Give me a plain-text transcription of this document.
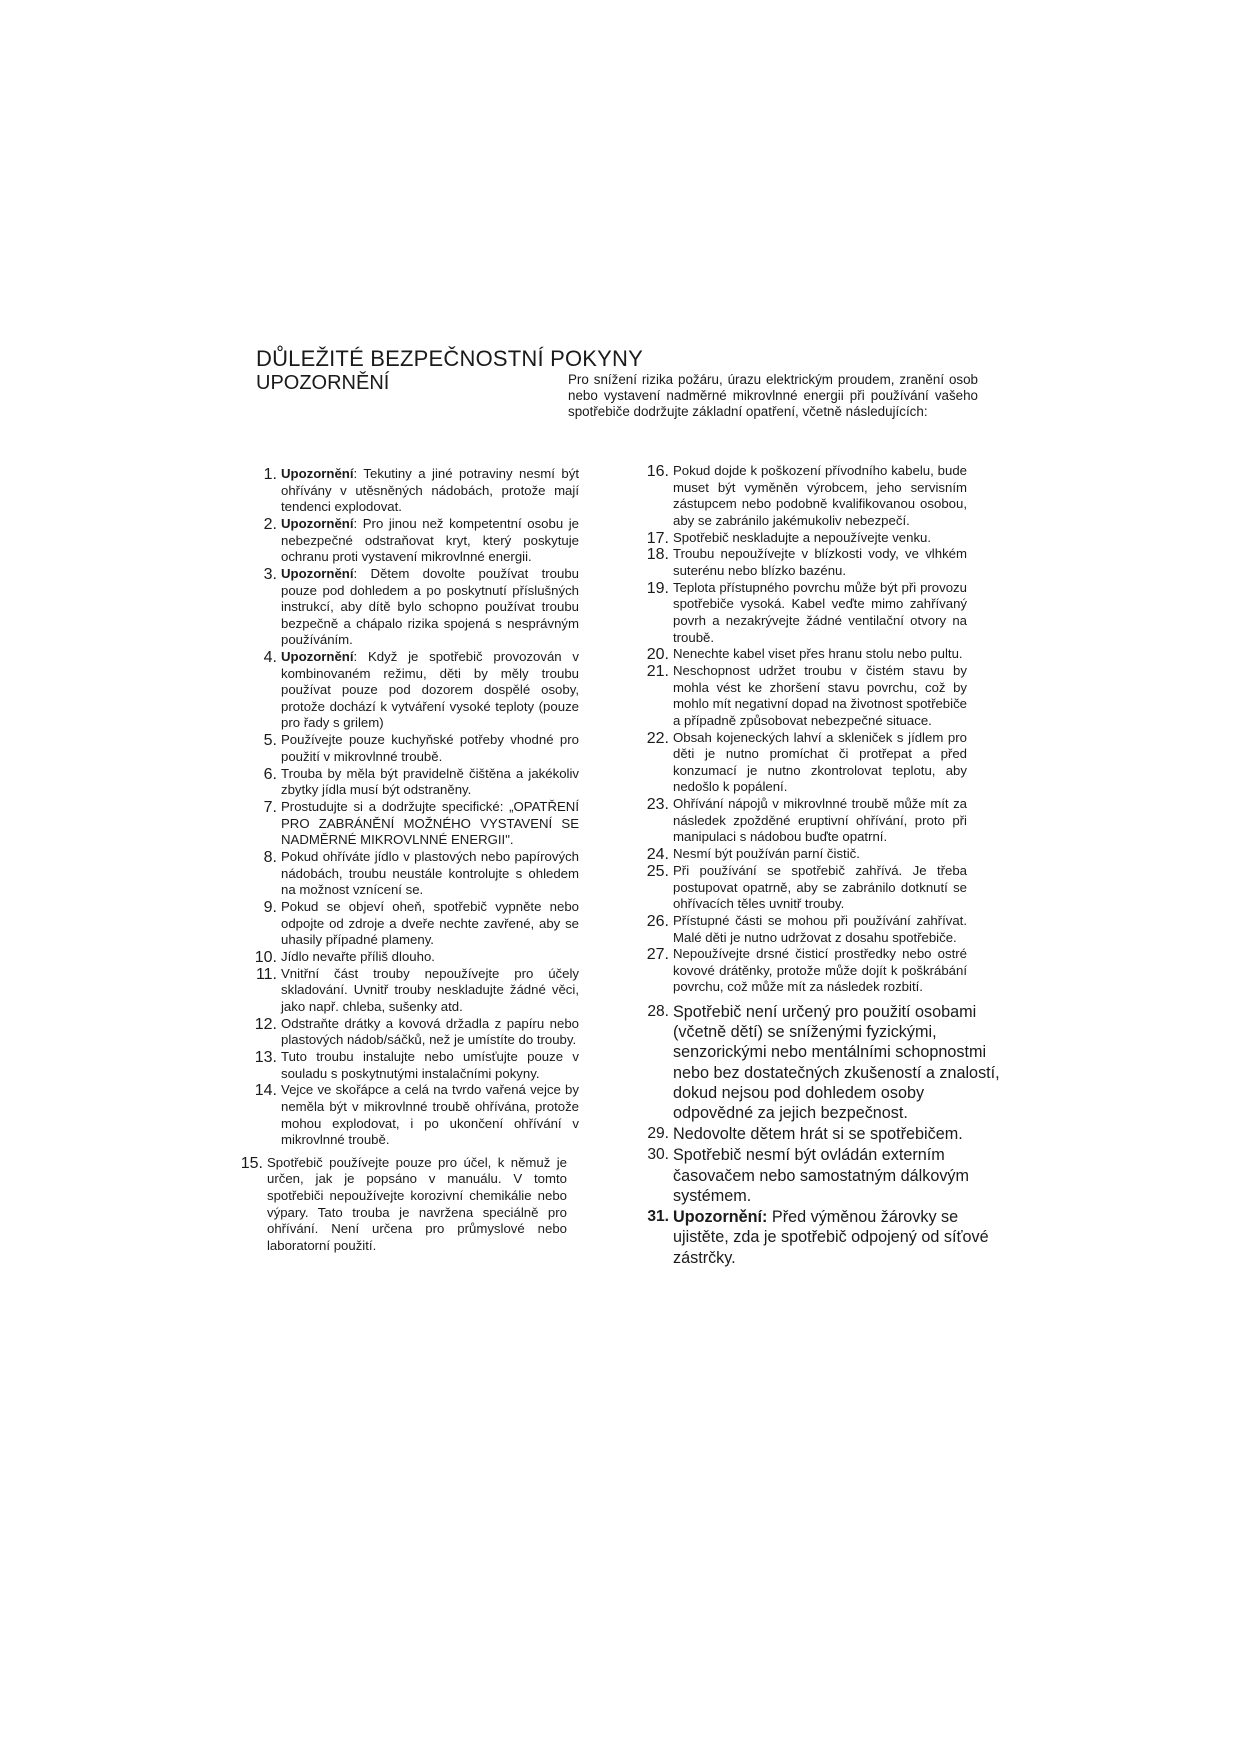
DŮLEŽITÉ BEZPEČNOSTNÍ POKYNY
UPOZORNĚNÍ	Pro snížení rizika požáru, úrazu elektrickým proudem, zranění osob nebo vystavení nadměrné mikrovlnné energii při používání vašeho spotřebiče dodržujte základní opatření, včetně následujících:

1. Upozornění: Tekutiny a jiné potraviny nesmí být ohřívány v utěsněných nádobách, protože mají tendenci explodovat.
2. Upozornění: Pro jinou než kompetentní osobu je nebezpečné odstraňovat kryt, který poskytuje ochranu proti vystavení mikrovlnné energii.
3. Upozornění: Dětem dovolte používat troubu pouze pod dohledem a po poskytnutí příslušných instrukcí, aby dítě bylo schopno používat troubu bezpečně a chápalo rizika spojená s nesprávným používáním.
4. Upozornění: Když je spotřebič provozován v kombinovaném režimu, děti by měly troubu používat pouze pod dozorem dospělé osoby, protože dochází k vytváření vysoké teploty (pouze pro řady s grilem)
5. Používejte pouze kuchyňské potřeby vhodné pro použití v mikrovlnné troubě.
6. Trouba by měla být pravidelně čištěna a jakékoliv zbytky jídla musí být odstraněny.
7. Prostudujte si a dodržujte specifické: „OPATŘENÍ PRO ZABRÁNĚNÍ MOŽNÉHO VYSTAVENÍ SE NADMĚRNÉ MIKROVLNNÉ ENERGII".
8. Pokud ohříváte jídlo v plastových nebo papírových nádobách, troubu neustále kontrolujte s ohledem na možnost vznícení se.
9. Pokud se objeví oheň, spotřebič vypněte nebo odpojte od zdroje a dveře nechte zavřené, aby se uhasily případné plameny.
10. Jídlo nevařte příliš dlouho.
11. Vnitřní část trouby nepoužívejte pro účely skladování. Uvnitř trouby neskladujte žádné věci, jako např. chleba, sušenky atd.
12. Odstraňte drátky a kovová držadla z papíru nebo plastových nádob/sáčků, než je umístíte do trouby.
13. Tuto troubu instalujte nebo umísťujte pouze v souladu s poskytnutými instalačními pokyny.
14. Vejce ve skořápce a celá na tvrdo vařená vejce by neměla být v mikrovlnné troubě ohřívána, protože mohou explodovat, i po ukončení ohřívání v mikrovlnné troubě.
15. Spotřebič používejte pouze pro účel, k němuž je určen, jak je popsáno v manuálu. V tomto spotřebiči nepoužívejte korozivní chemikálie nebo výpary. Tato trouba je navržena speciálně pro ohřívání. Není určena pro průmyslové nebo laboratorní použití.
16. Pokud dojde k poškození přívodního kabelu, bude muset být vyměněn výrobcem, jeho servisním zástupcem nebo podobně kvalifikovanou osobou, aby se zabránilo jakémukoliv nebezpečí.
17. Spotřebič neskladujte a nepoužívejte venku.
18. Troubu nepoužívejte v blízkosti vody, ve vlhkém suterénu nebo blízko bazénu.
19. Teplota přístupného povrchu může být při provozu spotřebiče vysoká. Kabel veďte mimo zahřívaný povrh a nezakrývejte žádné ventilační otvory na troubě.
20. Nenechte kabel viset přes hranu stolu nebo pultu.
21. Neschopnost udržet troubu v čistém stavu by mohla vést ke zhoršení stavu povrchu, což by mohlo mít negativní dopad na životnost spotřebiče a případně způsobovat nebezpečné situace.
22. Obsah kojeneckých lahví a skleniček s jídlem pro děti je nutno promíchat či protřepat a před konzumací je nutno zkontrolovat teplotu, aby nedošlo k popálení.
23. Ohřívání nápojů v mikrovlnné troubě může mít za následek zpožděné eruptivní ohřívání, proto při manipulaci s nádobou buďte opatrní.
24. Nesmí být používán parní čistič.
25. Při používání se spotřebič zahřívá. Je třeba postupovat opatrně, aby se zabránilo dotknutí se ohřívacích těles uvnitř trouby.
26. Přístupné části se mohou při používání zahřívat. Malé děti je nutno udržovat z dosahu spotřebiče.
27. Nepoužívejte drsné čisticí prostředky nebo ostré kovové drátěnky, protože může dojít k poškrábání povrchu, což může mít za následek rozbití.
28. Spotřebič není určený pro použití osobami (včetně dětí) se sníženými fyzickými, senzorickými nebo mentálními schopnostmi nebo bez dostatečných zkušeností a znalostí, dokud nejsou pod dohledem osoby odpovědné za jejich bezpečnost.
29. Nedovolte dětem hrát si se spotřebičem.
30. Spotřebič nesmí být ovládán externím časovačem nebo samostatným dálkovým systémem.
31. Upozornění: Před výměnou žárovky se ujistěte, zda je spotřebič odpojený od síťové zástrčky.
